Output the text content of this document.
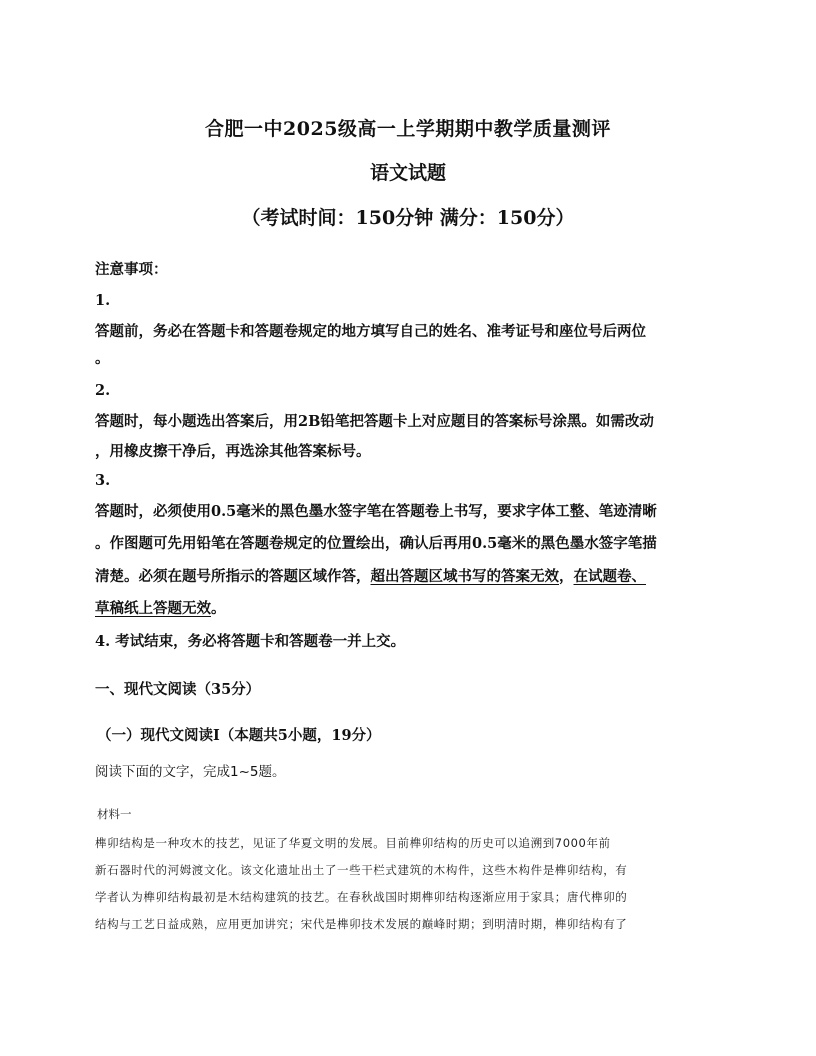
合肥一中2025级高一上学期期中教学质量测评
语文试题
（考试时间：150分钟 满分：150分）
注意事项：
1.
答题前，务必在答题卡和答题卷规定的地方填写自己的姓名、准考证号和座位号后两位
。
2.
答题时，每小题选出答案后，用2B铅笔把答题卡上对应题目的答案标号涂黑。如需改动
，用橡皮擦干净后，再选涂其他答案标号。
3.
答题时，必须使用0.5毫米的黑色墨水签字笔在答题卷上书写，要求字体工整、笔迹清晰
。作图题可先用铅笔在答题卷规定的位置绘出，确认后再用0.5毫米的黑色墨水签字笔描
清楚。必须在题号所指示的答题区域作答，超出答题区域书写的答案无效，在试题卷、
草稿纸上答题无效。
4. 考试结束，务必将答题卡和答题卷一并上交。
一、现代文阅读（35分）
（一）现代文阅读Ⅰ（本题共5小题，19分）
阅读下面的文字，完成1~5题。
材料一
榫卯结构是一种攻木的技艺，见证了华夏文明的发展。目前榫卯结构的历史可以追溯到7000年前
新石器时代的河姆渡文化。该文化遗址出土了一些干栏式建筑的木构件，这些木构件是榫卯结构，有
学者认为榫卯结构最初是木结构建筑的技艺。在春秋战国时期榫卯结构逐渐应用于家具；唐代榫卯的
结构与工艺日益成熟，应用更加讲究；宋代是榫卯技术发展的巅峰时期；到明清时期，榫卯结构有了
